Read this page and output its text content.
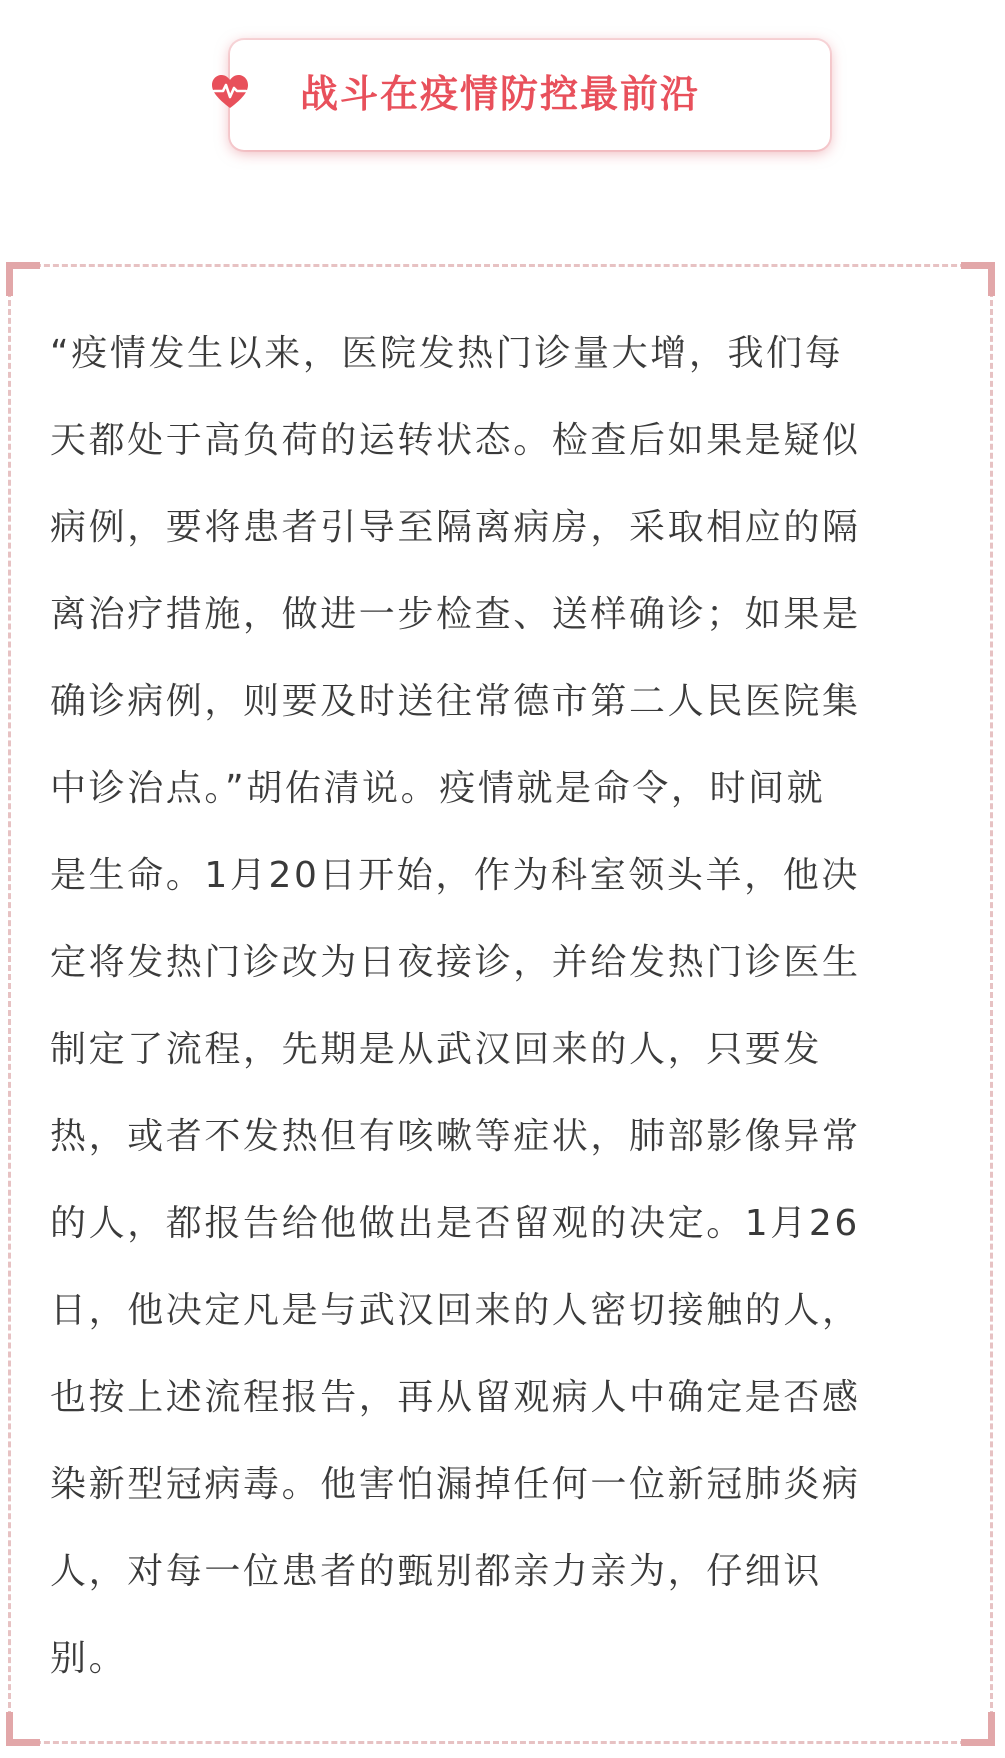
战斗在疫情防控最前沿
“疫情发生以来，医院发热门诊量大增，我们每
天都处于高负荷的运转状态。检查后如果是疑似
病例，要将患者引导至隔离病房，采取相应的隔
离治疗措施，做进一步检查、送样确诊；如果是
确诊病例，则要及时送往常德市第二人民医院集
中诊治点。”胡佑清说。疫情就是命令，时间就
是生命。1月20日开始，作为科室领头羊，他决
定将发热门诊改为日夜接诊，并给发热门诊医生
制定了流程，先期是从武汉回来的人，只要发
热，或者不发热但有咳嗽等症状，肺部影像异常
的人，都报告给他做出是否留观的决定。1月26
日，他决定凡是与武汉回来的人密切接触的人，
也按上述流程报告，再从留观病人中确定是否感
染新型冠病毒。他害怕漏掉任何一位新冠肺炎病
人，对每一位患者的甄别都亲力亲为，仔细识
别。
